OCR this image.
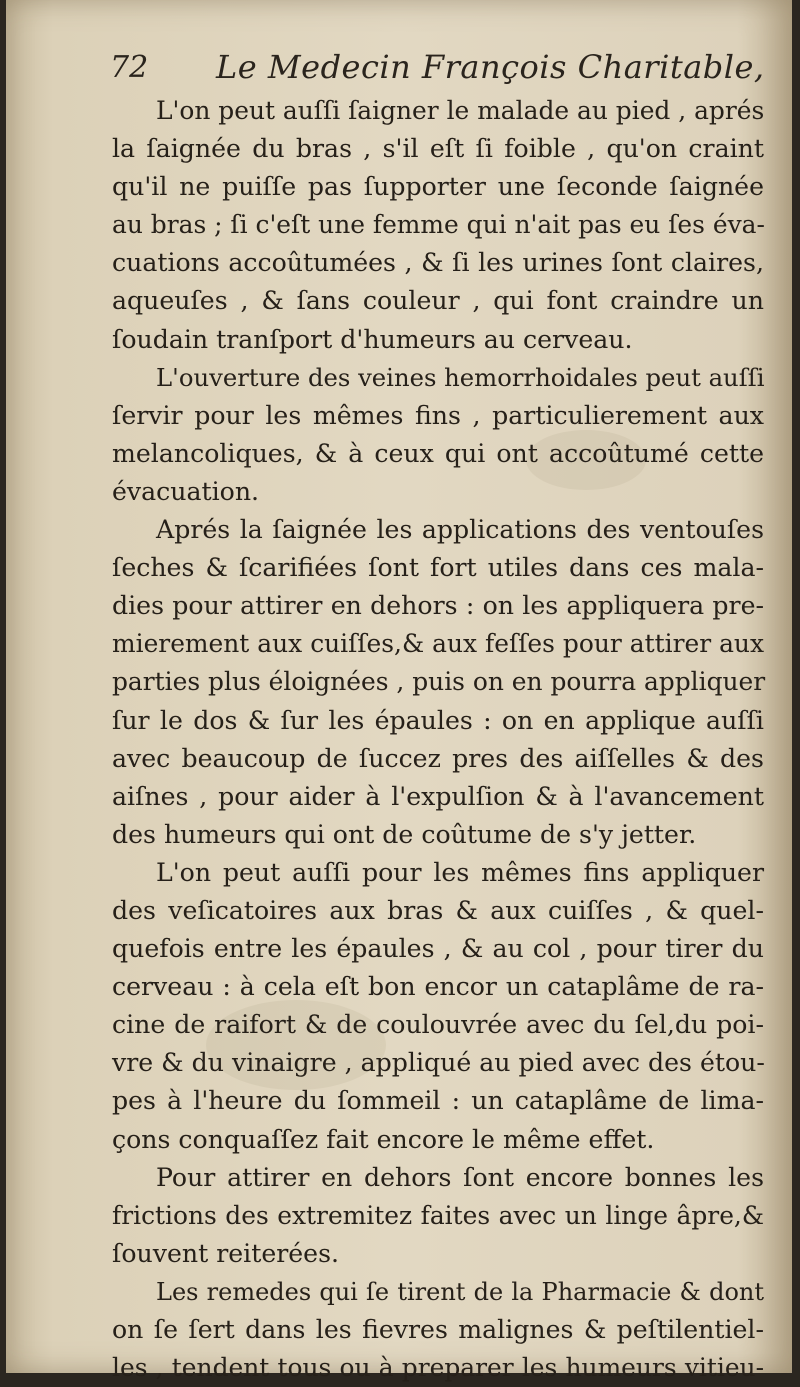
72 Le Medecin François Charitable,
L'on peut auſſi ſaigner le malade au pied , aprés
la ſaignée du bras , s'il eſt ſi foible , qu'on craint
qu'il ne puiſſe pas ſupporter une ſeconde ſaignée
au bras ; ſi c'eſt une femme qui n'ait pas eu ſes éva-
cuations accoûtumées , & ſi les urines ſont claires,
aqueuſes , & ſans couleur , qui font craindre un
ſoudain tranſport d'humeurs au cerveau.
L'ouverture des veines hemorrhoidales peut auſſi
ſervir pour les mêmes fins , particulierement aux
melancoliques, & à ceux qui ont accoûtumé cette
évacuation.
Aprés la ſaignée les applications des ventouſes
ſeches & ſcarifiées ſont fort utiles dans ces mala-
dies pour attirer en dehors : on les appliquera pre-
mierement aux cuiſſes,& aux feſſes pour attirer aux
parties plus éloignées , puis on en pourra appliquer
ſur le dos & ſur les épaules : on en applique auſſi
avec beaucoup de ſuccez pres des aiſſelles & des
aiſnes , pour aider à l'expulſion & à l'avancement
des humeurs qui ont de coûtume de s'y jetter.
L'on peut auſſi pour les mêmes fins appliquer
des veſicatoires aux bras & aux cuiſſes , & quel-
quefois entre les épaules , & au col , pour tirer du
cerveau : à cela eſt bon encor un cataplâme de ra-
cine de raifort & de coulouvrée avec du ſel,du poi-
vre & du vinaigre , appliqué au pied avec des étou-
pes à l'heure du ſommeil : un cataplâme de lima-
çons conquaſſez fait encore le même effet.
Pour attirer en dehors ſont encore bonnes les
frictions des extremitez faites avec un linge âpre,&
ſouvent reiterées.
Les remedes qui ſe tirent de la Pharmacie & dont
on ſe ſert dans les fievres malignes & peſtilentiel-
les , tendent tous ou à preparer les humeurs vitieu-
